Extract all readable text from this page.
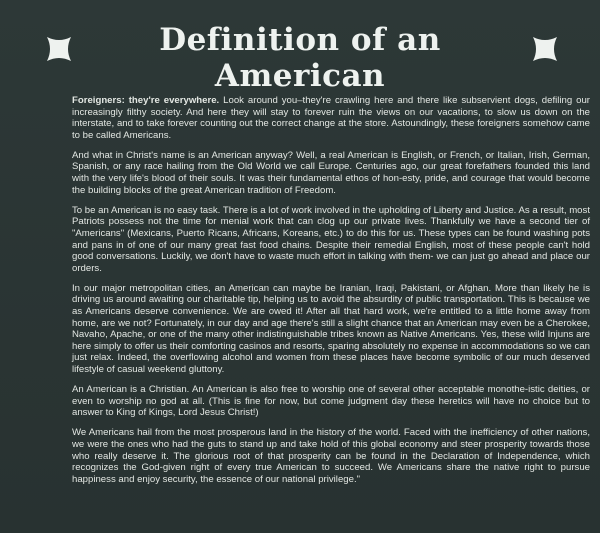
Definition of an American

Foreigners: they're everywhere. Look around you–they're crawling here and there like subservient dogs, defiling our increasingly filthy society. And here they will stay to forever ruin the views on our vacations, to slow us down on the interstate, and to take forever counting out the correct change at the store. Astoundingly, these foreigners somehow came to be called Americans.

And what in Christ's name is an American anyway? Well, a real American is English, or French, or Italian, Irish, German, Spanish, or any race hailing from the Old World we call Europe. Centuries ago, our great forefathers founded this land with the very life's blood of their souls. It was their fundamental ethos of hon-esty, pride, and courage that would become the building blocks of the great American tradition of Freedom.

To be an American is no easy task. There is a lot of work involved in the upholding of Liberty and Justice. As a result, most Patriots possess not the time for menial work that can clog up our private lives. Thankfully we have a second tier of "Americans" (Mexicans, Puerto Ricans, Africans, Koreans, etc.) to do this for us. These types can be found washing pots and pans in of one of our many great fast food chains. Despite their remedial English, most of these people can't hold good conversations. Luckily, we don't have to waste much effort in talking with them- we can just go ahead and place our orders.

In our major metropolitan cities, an American can maybe be Iranian, Iraqi, Pakistani, or Afghan. More than likely he is driving us around awaiting our charitable tip, helping us to avoid the absurdity of public transportation. This is because we as Americans deserve convenience. We are owed it! After all that hard work, we're entitled to a little home away from home, are we not? Fortunately, in our day and age there's still a slight chance that an American may even be a Cherokee, Navaho, Apache, or one of the many other indistinguishable tribes known as Native Americans. Yes, these wild Injuns are here simply to offer us their comforting casinos and resorts, sparing absolutely no expense in accommodations so we can just relax. Indeed, the overflowing alcohol and women from these places have become symbolic of our much deserved lifestyle of casual weekend gluttony.

An American is a Christian. An American is also free to worship one of several other acceptable monothe-istic deities, or even to worship no god at all. (This is fine for now, but come judgment day these heretics will have no choice but to answer to King of Kings, Lord Jesus Christ!)

We Americans hail from the most prosperous land in the history of the world. Faced with the inefficiency of other nations, we were the ones who had the guts to stand up and take hold of this global economy and steer prosperity towards those who really deserve it. The glorious root of that prosperity can be found in the Declaration of Independence, which recognizes the God-given right of every true American to succeed. We Americans share the native right to pursue happiness and enjoy security, the essence of our national privilege."
